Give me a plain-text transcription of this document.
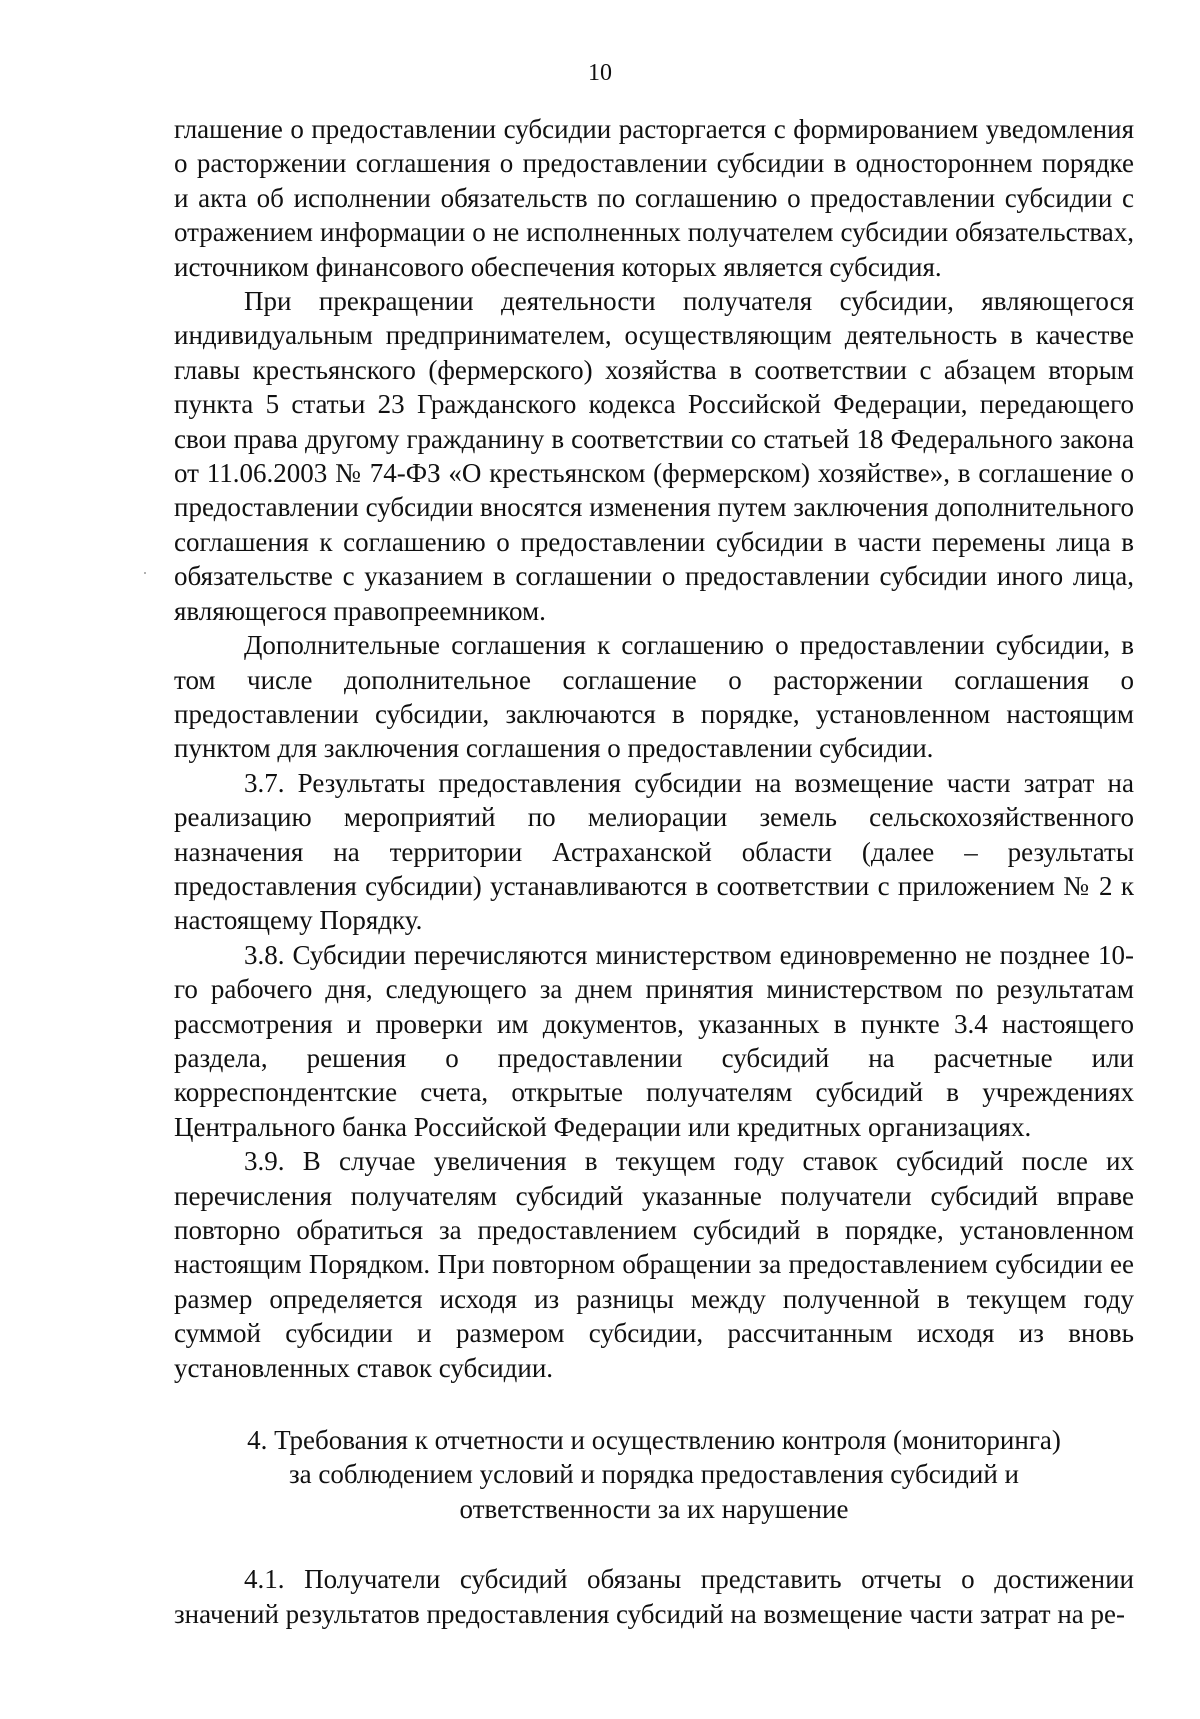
10

глашение о предоставлении субсидии расторгается с формированием уведомления о расторжении соглашения о предоставлении субсидии в одностороннем порядке и акта об исполнении обязательств по соглашению о предоставлении субсидии с отражением информации о не исполненных получателем субсидии обязательствах, источником финансового обеспечения которых является субсидия.

При прекращении деятельности получателя субсидии, являющегося индивидуальным предпринимателем, осуществляющим деятельность в качестве главы крестьянского (фермерского) хозяйства в соответствии с абзацем вторым пункта 5 статьи 23 Гражданского кодекса Российской Федерации, передающего свои права другому гражданину в соответствии со статьей 18 Федерального закона от 11.06.2003 № 74-ФЗ «О крестьянском (фермерском) хозяйстве», в соглашение о предоставлении субсидии вносятся изменения путем заключения дополнительного соглашения к соглашению о предоставлении субсидии в части перемены лица в обязательстве с указанием в соглашении о предоставлении субсидии иного лица, являющегося правопреемником.

Дополнительные соглашения к соглашению о предоставлении субсидии, в том числе дополнительное соглашение о расторжении соглашения о предоставлении субсидии, заключаются в порядке, установленном настоящим пунктом для заключения соглашения о предоставлении субсидии.

3.7. Результаты предоставления субсидии на возмещение части затрат на реализацию мероприятий по мелиорации земель сельскохозяйственного назначения на территории Астраханской области (далее – результаты предоставления субсидии) устанавливаются в соответствии с приложением № 2 к настоящему Порядку.

3.8. Субсидии перечисляются министерством единовременно не позднее 10-го рабочего дня, следующего за днем принятия министерством по результатам рассмотрения и проверки им документов, указанных в пункте 3.4 настоящего раздела, решения о предоставлении субсидий на расчетные или корреспондентские счета, открытые получателям субсидий в учреждениях Центрального банка Российской Федерации или кредитных организациях.

3.9. В случае увеличения в текущем году ставок субсидий после их перечисления получателям субсидий указанные получатели субсидий вправе повторно обратиться за предоставлением субсидий в порядке, установленном настоящим Порядком. При повторном обращении за предоставлением субсидии ее размер определяется исходя из разницы между полученной в текущем году суммой субсидии и размером субсидии, рассчитанным исходя из вновь установленных ставок субсидии.

4. Требования к отчетности и осуществлению контроля (мониторинга)
за соблюдением условий и порядка предоставления субсидий и
ответственности за их нарушение

4.1. Получатели субсидий обязаны представить отчеты о достижении значений результатов предоставления субсидий на возмещение части затрат на ре-
